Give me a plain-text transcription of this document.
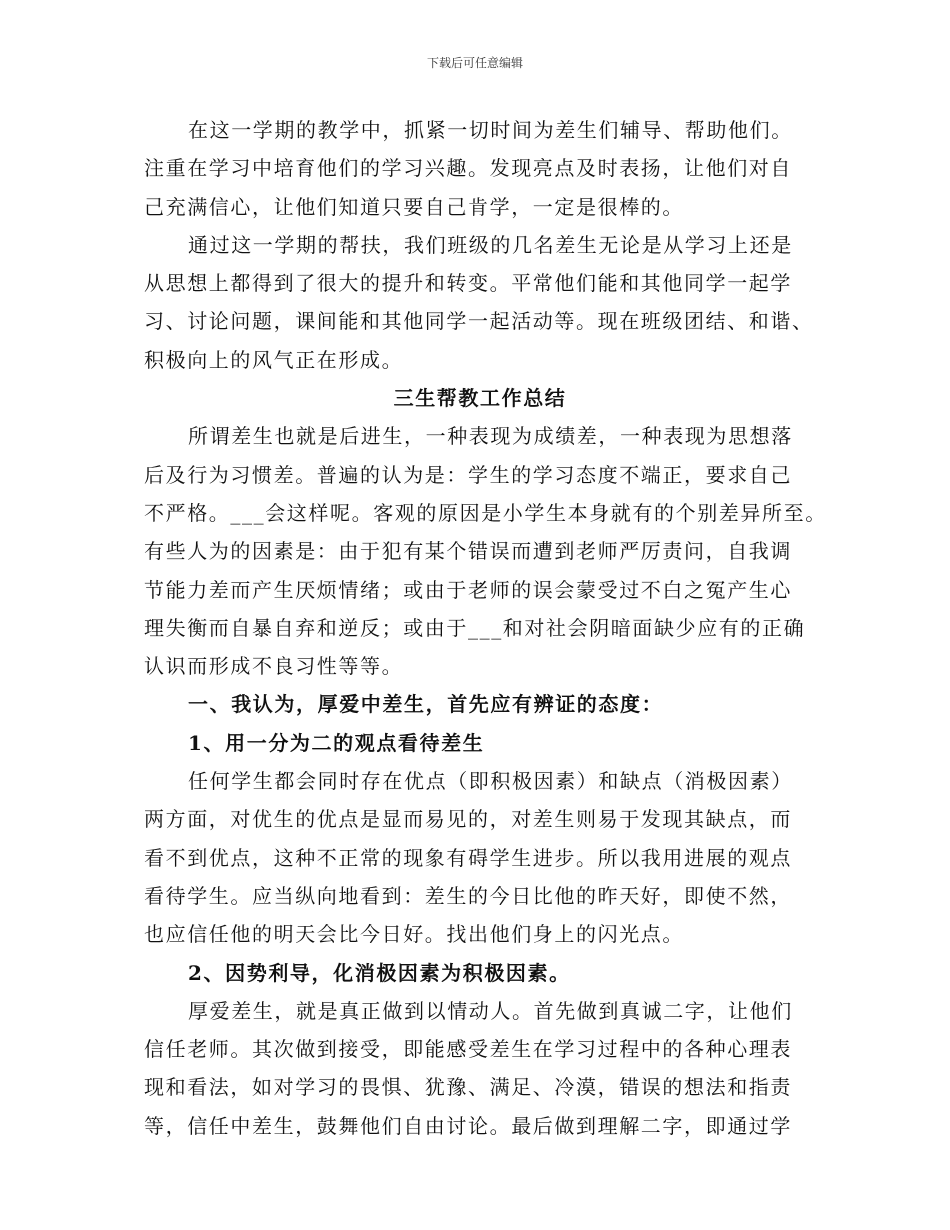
下载后可任意编辑
在这一学期的教学中，抓紧一切时间为差生们辅导、帮助他们。
注重在学习中培育他们的学习兴趣。发现亮点及时表扬，让他们对自
己充满信心，让他们知道只要自己肯学，一定是很棒的。
通过这一学期的帮扶，我们班级的几名差生无论是从学习上还是
从思想上都得到了很大的提升和转变。平常他们能和其他同学一起学
习、讨论问题，课间能和其他同学一起活动等。现在班级团结、和谐、
积极向上的风气正在形成。
三生帮教工作总结
所谓差生也就是后进生，一种表现为成绩差，一种表现为思想落
后及行为习惯差。普遍的认为是：学生的学习态度不端正，要求自己
不严格。___会这样呢。客观的原因是小学生本身就有的个别差异所至。
有些人为的因素是：由于犯有某个错误而遭到老师严厉责问，自我调
节能力差而产生厌烦情绪；或由于老师的误会蒙受过不白之冤产生心
理失衡而自暴自弃和逆反；或由于___和对社会阴暗面缺少应有的正确
认识而形成不良习性等等。
一、我认为，厚爱中差生，首先应有辨证的态度：
1、用一分为二的观点看待差生
任何学生都会同时存在优点（即积极因素）和缺点（消极因素）
两方面，对优生的优点是显而易见的，对差生则易于发现其缺点，而
看不到优点，这种不正常的现象有碍学生进步。所以我用进展的观点
看待学生。应当纵向地看到：差生的今日比他的昨天好，即使不然，
也应信任他的明天会比今日好。找出他们身上的闪光点。
2、因势利导，化消极因素为积极因素。
厚爱差生，就是真正做到以情动人。首先做到真诚二字，让他们
信任老师。其次做到接受，即能感受差生在学习过程中的各种心理表
现和看法，如对学习的畏惧、犹豫、满足、冷漠，错误的想法和指责
等，信任中差生，鼓舞他们自由讨论。最后做到理解二字，即通过学
